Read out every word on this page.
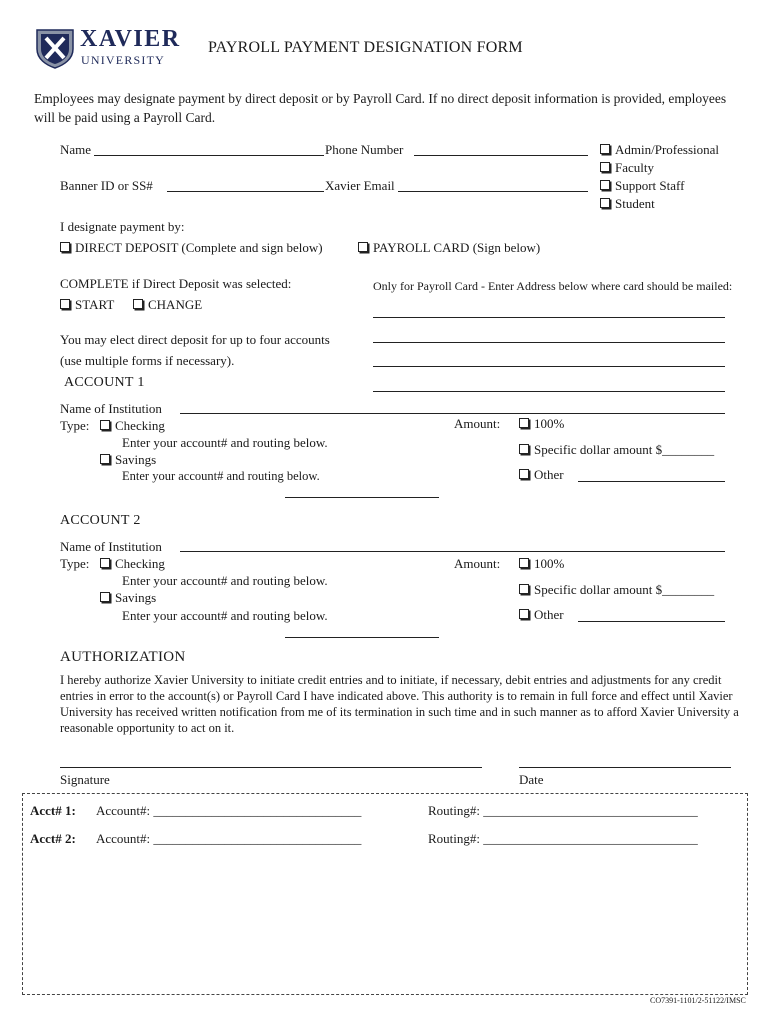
XAVIER
UNIVERSITY
PAYROLL PAYMENT DESIGNATION FORM
Employees may designate payment by direct deposit or by Payroll Card. If no direct deposit information is provided, employees will be paid using a Payroll Card.
Name	Phone Number
Banner ID or SS#	Xavier Email
Admin/Professional
Faculty
Support Staff
Student
I designate payment by:
DIRECT DEPOSIT (Complete and sign below)	PAYROLL CARD (Sign below)
COMPLETE if Direct Deposit was selected:
START	CHANGE
Only for Payroll Card - Enter Address below where card should be mailed:
You may elect direct deposit for up to four accounts
(use multiple forms if necessary).
ACCOUNT 1
Name of Institution
Type:	Checking
Enter your account# and routing below.
Savings
Enter your account# and routing below.
Amount:	100%
Specific dollar amount $________
Other
ACCOUNT 2
Name of Institution
Type:	Checking
Enter your account# and routing below.
Savings
Enter your account# and routing below.
Amount:	100%
Specific dollar amount $________
Other
AUTHORIZATION
I hereby authorize Xavier University to initiate credit entries and to initiate, if necessary, debit entries and adjustments for any credit entries in error to the account(s) or Payroll Card I have indicated above. This authority is to remain in full force and effect until Xavier University has received written notification from me of its termination in such time and in such manner as to afford Xavier University a reasonable opportunity to act on it.
Signature	Date
Acct# 1: Account#: ________________________________	Routing#: _________________________________
Acct# 2: Account#: ________________________________	Routing#: _________________________________
CO7391-1101/2-51122/IMSC
